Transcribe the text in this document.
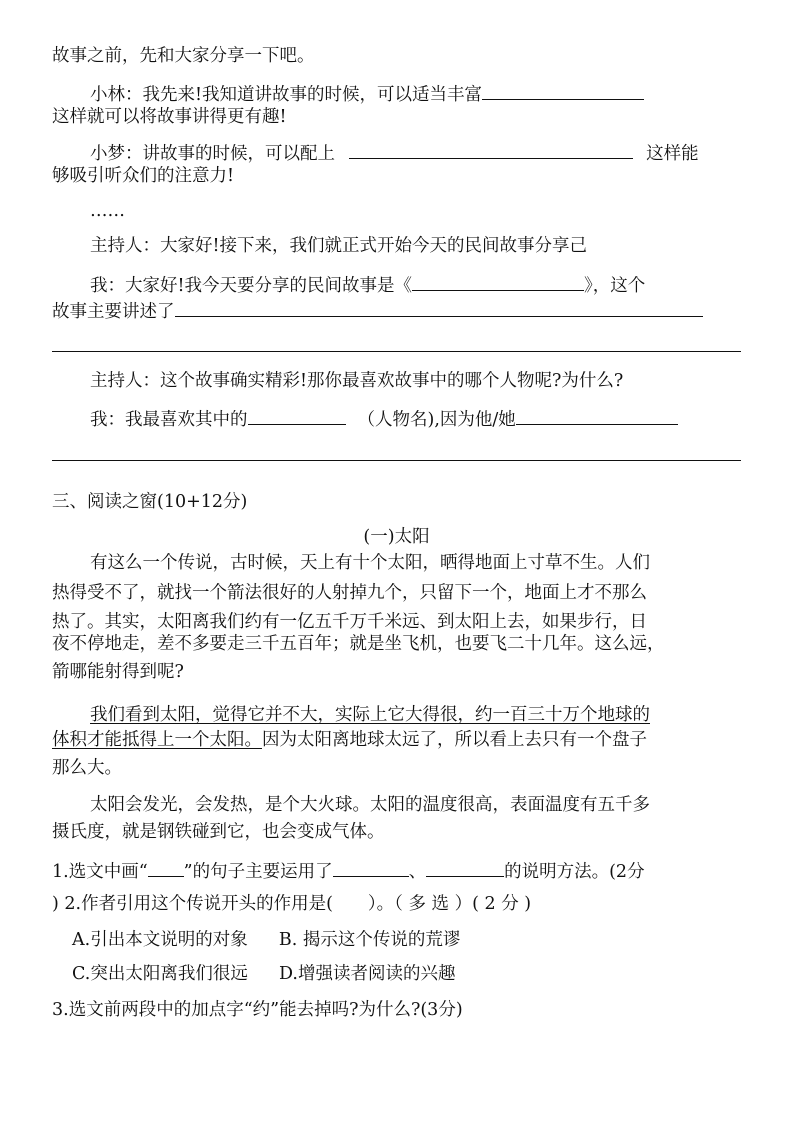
故事之前，先和大家分享一下吧。
小林：我先来!我知道讲故事的时候，可以适当丰富
这样就可以将故事讲得更有趣!
小梦：讲故事的时候，可以配上	这样能
够吸引听众们的注意力!
……
主持人：大家好!接下来，我们就正式开始今天的民间故事分享己
我：大家好!我今天要分享的民间故事是《	》，这个
故事主要讲述了
主持人：这个故事确实精彩!那你最喜欢故事中的哪个人物呢?为什么?
我：我最喜欢其中的	（人物名),因为他/她
三、阅读之窗(10+12分)
(一)太阳
有这么一个传说，古时候，天上有十个太阳，晒得地面上寸草不生。人们
热得受不了，就找一个箭法很好的人射掉九个，只留下一个，地面上才不那么
热了。其实，太阳离我们约有一亿五千万千米远、到太阳上去，如果步行，日
夜不停地走，差不多要走三千五百年；就是坐飞机，也要飞二十几年。这么远，
箭哪能射得到呢?
我们看到太阳，觉得它并不大，实际上它大得很，约一百三十万个地球的
体积才能抵得上一个太阳。因为太阳离地球太远了，所以看上去只有一个盘子
那么大。
太阳会发光，会发热，是个大火球。太阳的温度很高，表面温度有五千多
摄氏度，就是钢铁碰到它，也会变成气体。
1.选文中画“ ”的句子主要运用了	、	的说明方法。(2分
) 2.作者引用这个传说开头的作用是(　　）。（ 多 选 ）( 2 分 )
A.引出本文说明的对象 B. 揭示这个传说的荒谬
C.突出太阳离我们很远 D.增强读者阅读的兴趣
3.选文前两段中的加点字“约”能去掉吗?为什么?(3分)
